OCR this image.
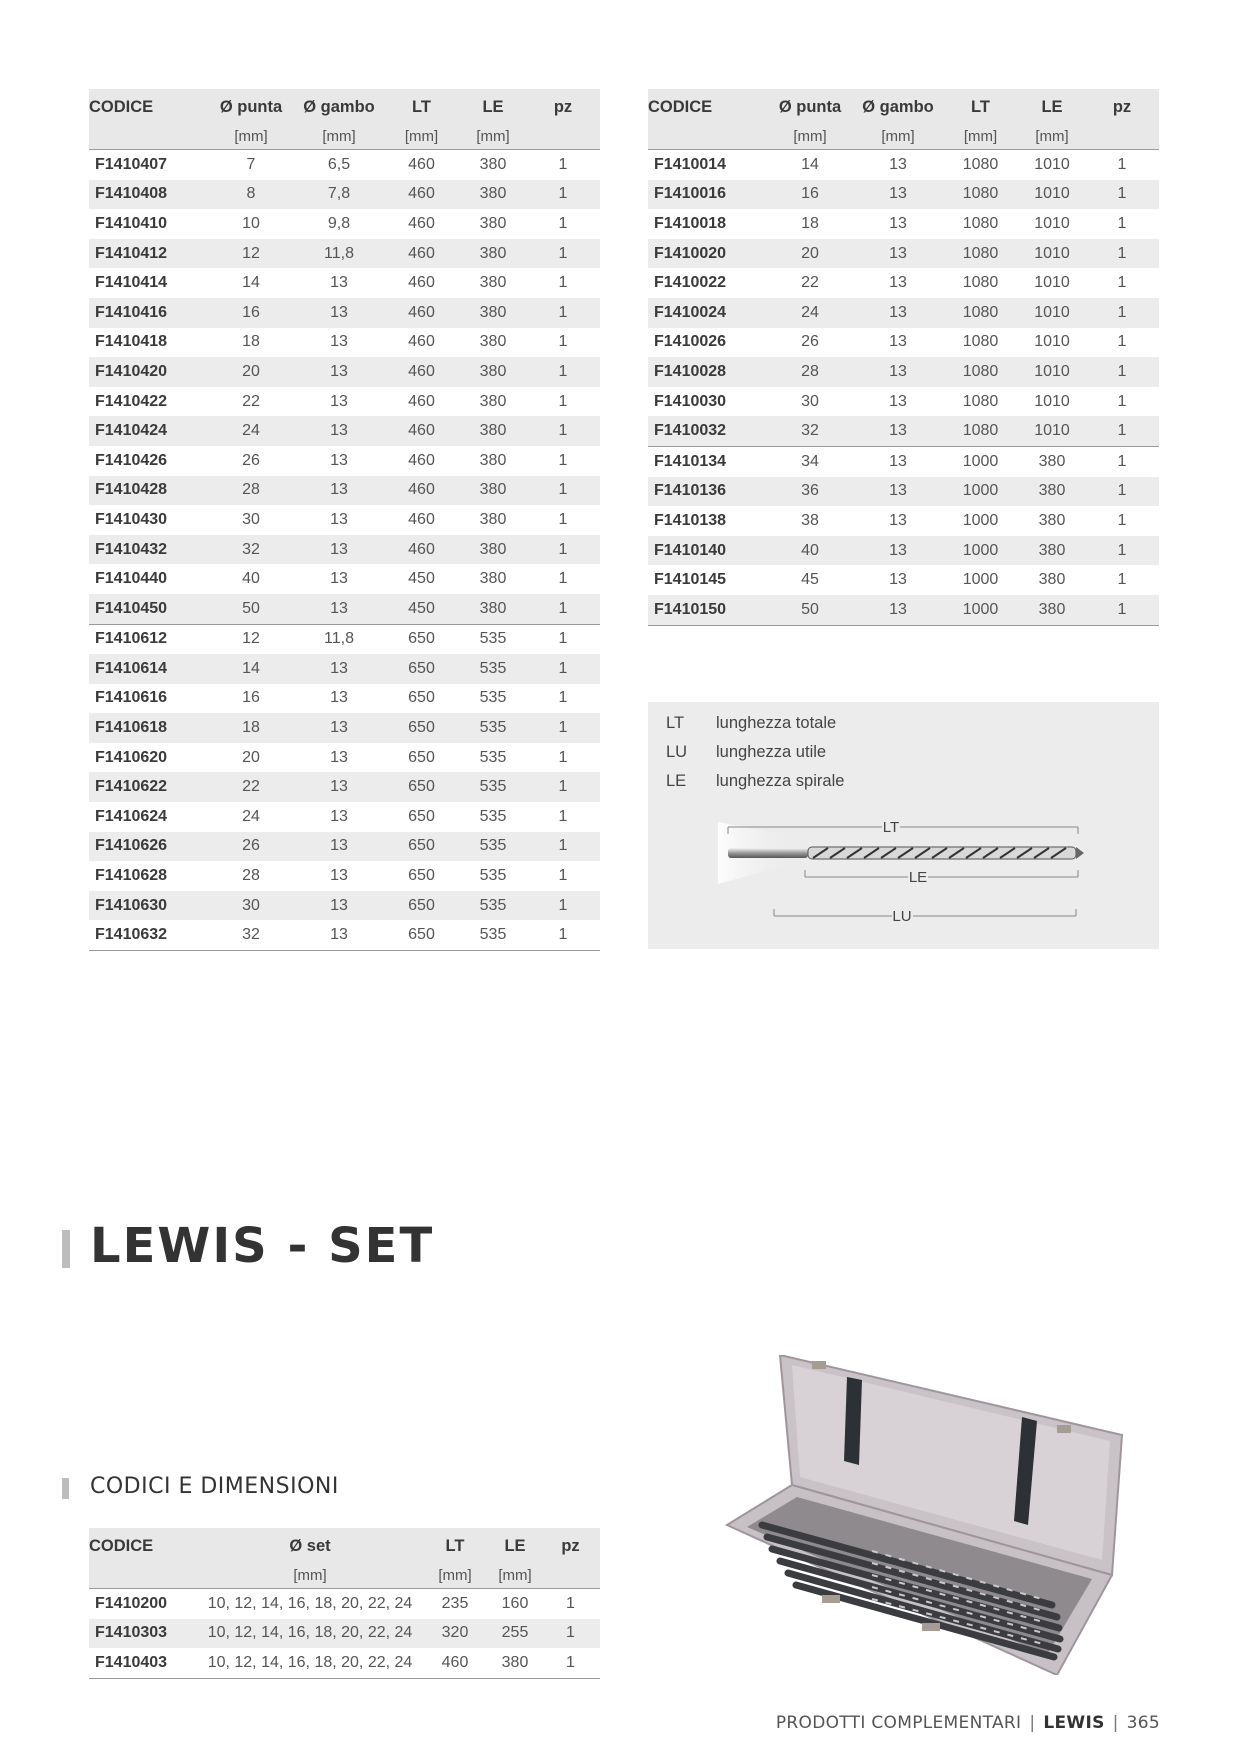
CODICE	Ø punta	Ø gambo	LT	LE	pz
	[mm]	[mm]	[mm]	[mm]	
F1410407	7	6,5	460	380	1
F1410408	8	7,8	460	380	1
F1410410	10	9,8	460	380	1
F1410412	12	11,8	460	380	1
F1410414	14	13	460	380	1
F1410416	16	13	460	380	1
F1410418	18	13	460	380	1
F1410420	20	13	460	380	1
F1410422	22	13	460	380	1
F1410424	24	13	460	380	1
F1410426	26	13	460	380	1
F1410428	28	13	460	380	1
F1410430	30	13	460	380	1
F1410432	32	13	460	380	1
F1410440	40	13	450	380	1
F1410450	50	13	450	380	1
F1410612	12	11,8	650	535	1
F1410614	14	13	650	535	1
F1410616	16	13	650	535	1
F1410618	18	13	650	535	1
F1410620	20	13	650	535	1
F1410622	22	13	650	535	1
F1410624	24	13	650	535	1
F1410626	26	13	650	535	1
F1410628	28	13	650	535	1
F1410630	30	13	650	535	1
F1410632	32	13	650	535	1
CODICE	Ø punta	Ø gambo	LT	LE	pz
	[mm]	[mm]	[mm]	[mm]	
F1410014	14	13	1080	1010	1
F1410016	16	13	1080	1010	1
F1410018	18	13	1080	1010	1
F1410020	20	13	1080	1010	1
F1410022	22	13	1080	1010	1
F1410024	24	13	1080	1010	1
F1410026	26	13	1080	1010	1
F1410028	28	13	1080	1010	1
F1410030	30	13	1080	1010	1
F1410032	32	13	1080	1010	1
F1410134	34	13	1000	380	1
F1410136	36	13	1000	380	1
F1410138	38	13	1000	380	1
F1410140	40	13	1000	380	1
F1410145	45	13	1000	380	1
F1410150	50	13	1000	380	1
LT lunghezza totale
LU lunghezza utile
LE lunghezza spirale
LT
LE
LU
LEWIS - SET
CODICI E DIMENSIONI
CODICE	Ø set	LT	LE	pz
	[mm]	[mm]	[mm]	
F1410200	10, 12, 14, 16, 18, 20, 22, 24	235	160	1
F1410303	10, 12, 14, 16, 18, 20, 22, 24	320	255	1
F1410403	10, 12, 14, 16, 18, 20, 22, 24	460	380	1
PRODOTTI COMPLEMENTARI | LEWIS | 365
